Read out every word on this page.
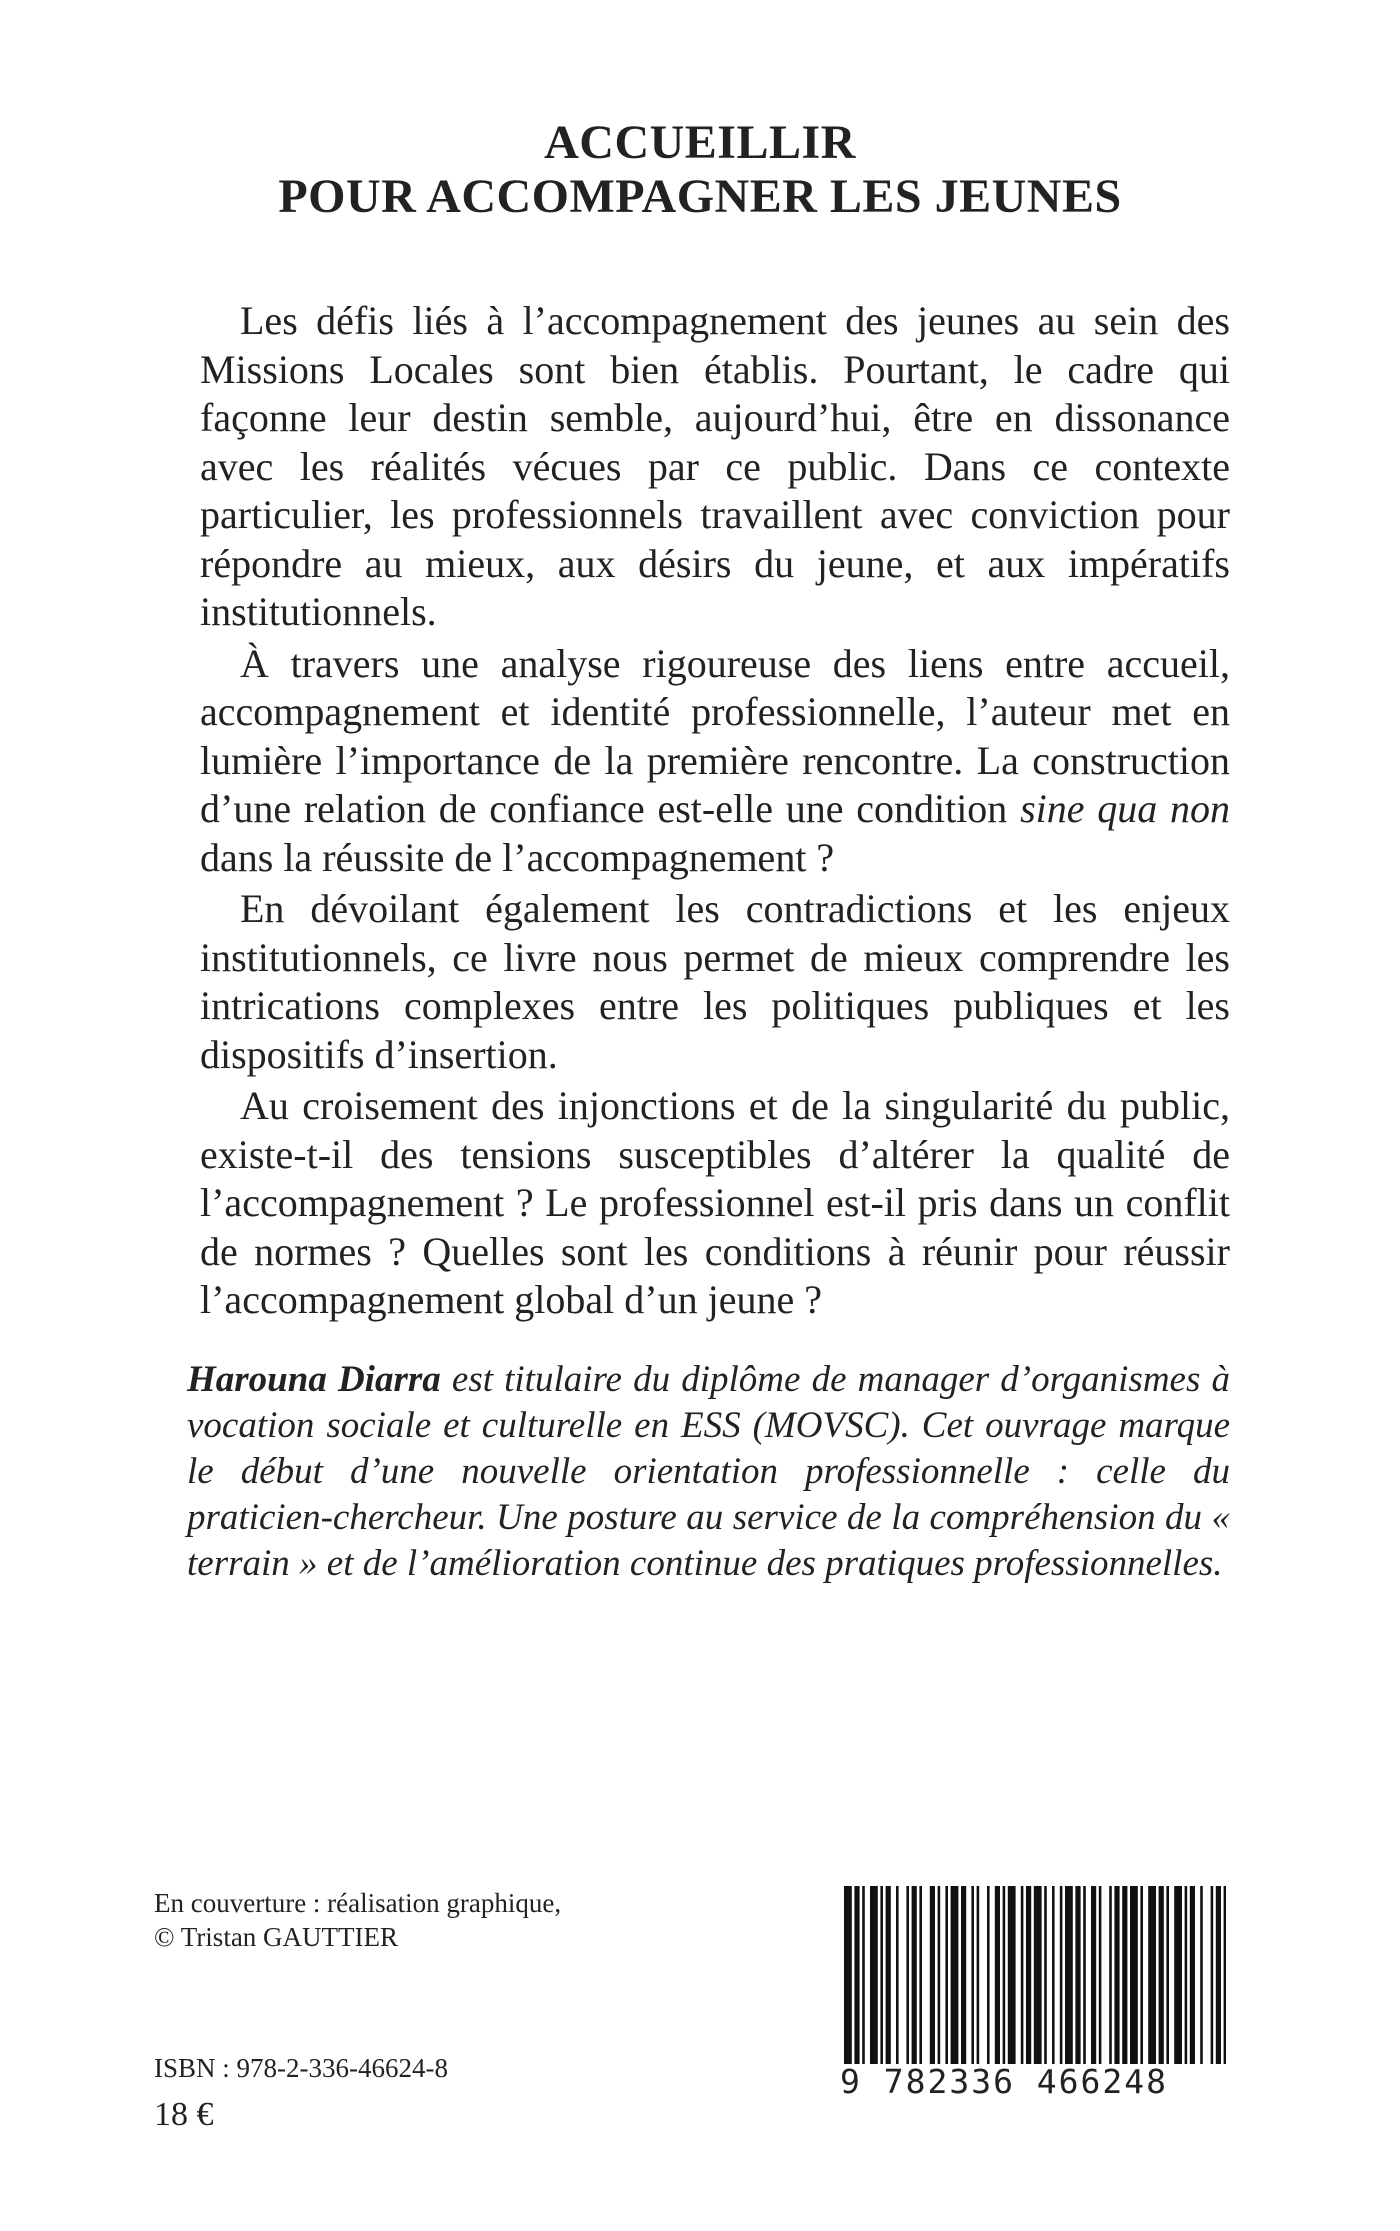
ACCUEILLIR
POUR ACCOMPAGNER LES JEUNES

 Les défis liés à l’accompagnement des jeunes au sein des Missions Locales sont bien établis. Pourtant, le cadre qui façonne leur destin semble, aujourd’hui, être en dissonance avec les réalités vécues par ce public. Dans ce contexte particulier, les professionnels travaillent avec conviction pour répondre au mieux, aux désirs du jeune, et aux impératifs institutionnels.

 À travers une analyse rigoureuse des liens entre accueil, accompagnement et identité professionnelle, l’auteur met en lumière l’importance de la première rencontre. La construction d’une relation de confiance est-elle une condition sine qua non dans la réussite de l’accompagnement ?

 En dévoilant également les contradictions et les enjeux institutionnels, ce livre nous permet de mieux comprendre les intrications complexes entre les politiques publiques et les dispositifs d’insertion.

 Au croisement des injonctions et de la singularité du public, existe-t-il des tensions susceptibles d’altérer la qualité de l’accompagnement ? Le professionnel est-il pris dans un conflit de normes ? Quelles sont les conditions à réunir pour réussir l’accompagnement global d’un jeune ?

Harouna Diarra est titulaire du diplôme de manager d’organismes à vocation sociale et culturelle en ESS (MOVSC). Cet ouvrage marque le début d’une nouvelle orientation professionnelle : celle du praticien-chercheur. Une posture au service de la compréhension du « terrain » et de l’amélioration continue des pratiques professionnelles.

En couverture : réalisation graphique,
© Tristan GAUTTIER
ISBN : 978-2-336-46624-8
18 €
9 782336 466248
